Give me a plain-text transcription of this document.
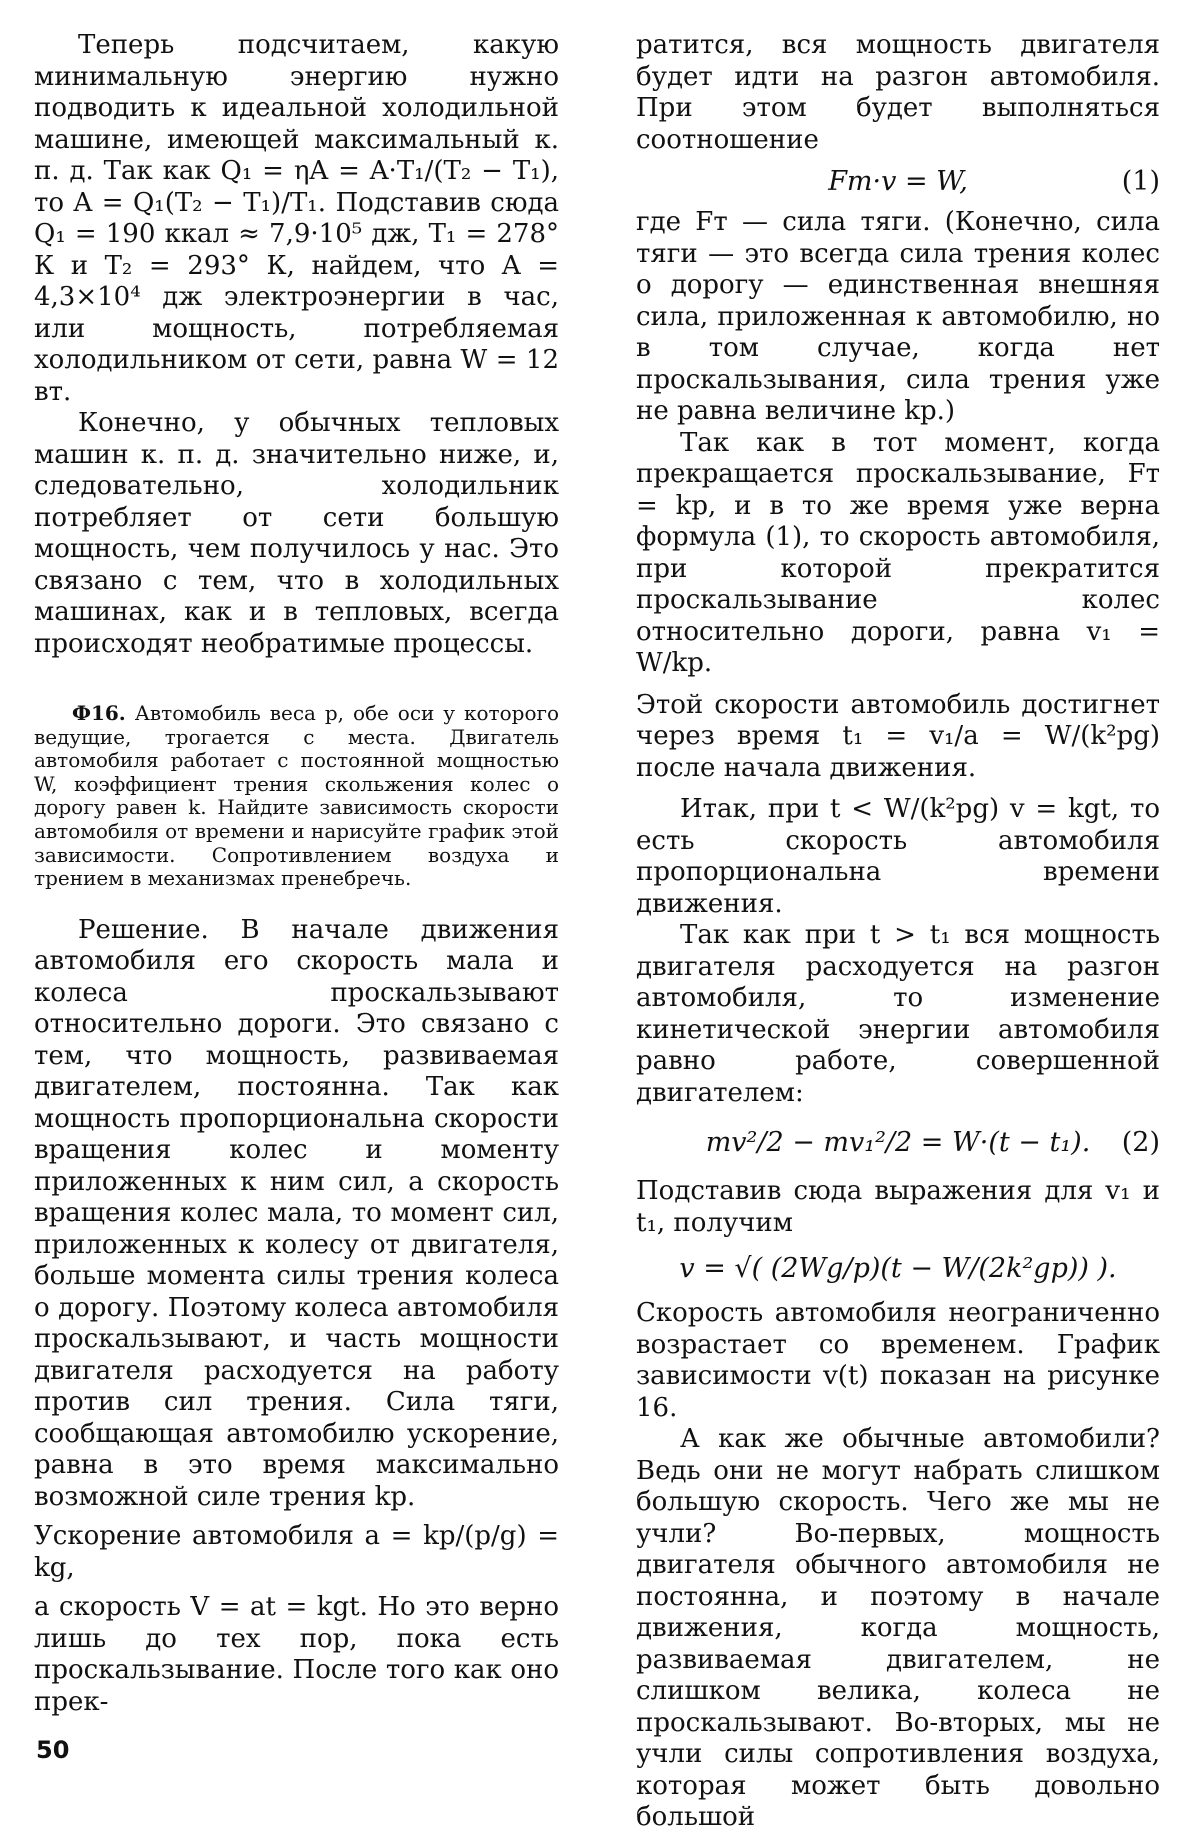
Теперь подсчитаем, какую минимальную энергию нужно подводить к идеальной холодильной машине, имеющей максимальный к. п. д. Так как Q₁ = ηA = A·T₁/(T₂ − T₁), то A = Q₁(T₂ − T₁)/T₁. Подставив сюда Q₁ = 190 ккал ≈ 7,9·10⁵ дж, T₁ = 278° К и T₂ = 293° К, найдем, что A = 4,3×10⁴ дж электроэнергии в час, или мощность, потребляемая холодильником от сети, равна W = 12 вт.

Конечно, у обычных тепловых машин к. п. д. значительно ниже, и, следовательно, холодильник потребляет от сети большую мощность, чем получилось у нас. Это связано с тем, что в холодильных машинах, как и в тепловых, всегда происходят необратимые процессы.

Ф16. Автомобиль веса p, обе оси у которого ведущие, трогается с места. Двигатель автомобиля работает с постоянной мощностью W, коэффициент трения скольжения колес о дорогу равен k. Найдите зависимость скорости автомобиля от времени и нарисуйте график этой зависимости. Сопротивлением воздуха и трением в механизмах пренебречь.

Решение. В начале движения автомобиля его скорость мала и колеса проскальзывают относительно дороги. Это связано с тем, что мощность, развиваемая двигателем, постоянна. Так как мощность пропорциональна скорости вращения колес и моменту приложенных к ним сил, а скорость вращения колес мала, то момент сил, приложенных к колесу от двигателя, больше момента силы трения колеса о дорогу. Поэтому колеса автомобиля проскальзывают, и часть мощности двигателя расходуется на работу против сил трения. Сила тяги, сообщающая автомобилю ускорение, равна в это время максимально возможной силе трения kp.

Ускорение автомобиля a = kp/(p/g) = kg,

а скорость V = at = kgt. Но это верно лишь до тех пор, пока есть проскальзывание. После того как оно прек-

ратится, вся мощность двигателя будет идти на разгон автомобиля. При этом будет выполняться соотношение

Fт·v = W,	(1)

где Fт — сила тяги. (Конечно, сила тяги — это всегда сила трения колес о дорогу — единственная внешняя сила, приложенная к автомобилю, но в том случае, когда нет проскальзывания, сила трения уже не равна величине kp.)

Так как в тот момент, когда прекращается проскальзывание, Fт = kp, и в то же время уже верна формула (1), то скорость автомобиля, при которой прекратится проскальзывание колес относительно дороги, равна v₁ = W/kp.

Этой скорости автомобиль достигнет через время t₁ = v₁/a = W/(k²pg) после начала движения.

Итак, при t < W/(k²pg) v = kgt, то есть скорость автомобиля пропорциональна времени движения.

Так как при t > t₁ вся мощность двигателя расходуется на разгон автомобиля, то изменение кинетической энергии автомобиля равно работе, совершенной двигателем:

mv²/2 − mv₁²/2 = W·(t − t₁). (2)

Подставив сюда выражения для v₁ и t₁, получим

v = √( (2Wg/p)(t − W/(2k²gp)) ).

Скорость автомобиля неограниченно возрастает со временем. График зависимости v(t) показан на рисунке 16.

А как же обычные автомобили? Ведь они не могут набрать слишком большую скорость. Чего же мы не учли? Во-первых, мощность двигателя обычного автомобиля не постоянна, и поэтому в начале движения, когда мощность, развиваемая двигателем, не слишком велика, колеса не проскальзывают. Во-вторых, мы не учли силы сопротивления воздуха, которая может быть довольно большой

50
